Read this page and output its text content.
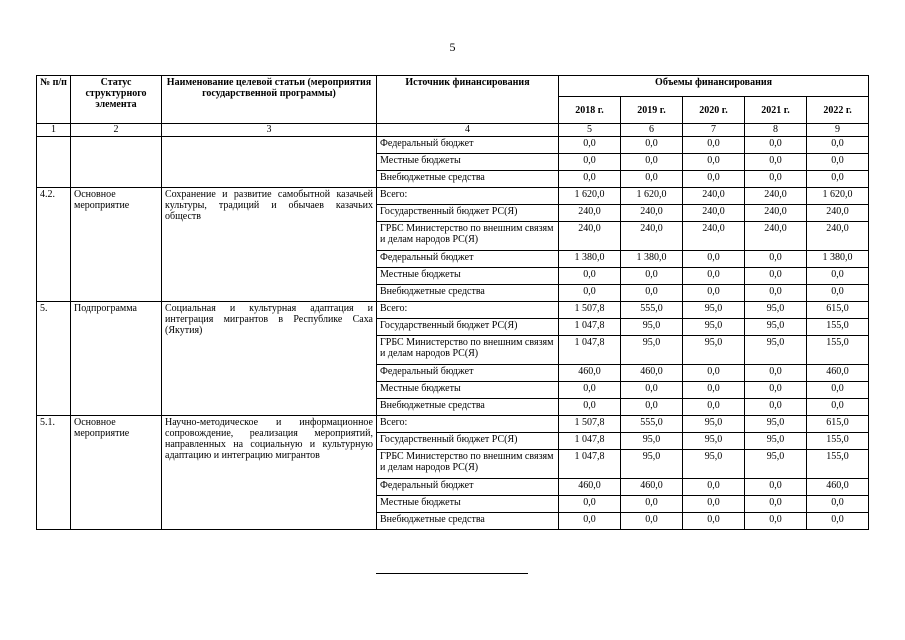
5
№ п/п	Статус структурного элемента	Наименование целевой статьи (мероприятия государственной программы)	Источник финансирования	Объемы финансирования				
				2018 г.	2019 г.	2020 г.	2021 г.	2022 г.
1	2	3	4	5	6	7	8	9
			Федеральный бюджет	0,0	0,0	0,0	0,0	0,0
			Местные бюджеты	0,0	0,0	0,0	0,0	0,0
			Внебюджетные средства	0,0	0,0	0,0	0,0	0,0
4.2.	Основное мероприятие	Сохранение и развитие самобытной казачьей культуры, традиций и обычаев казачьих обществ	Всего:	1 620,0	1 620,0	240,0	240,0	1 620,0
			Государственный бюджет РС(Я)	240,0	240,0	240,0	240,0	240,0
			ГРБС Министерство по внешним связям и делам народов РС(Я)	240,0	240,0	240,0	240,0	240,0
			Федеральный бюджет	1 380,0	1 380,0	0,0	0,0	1 380,0
			Местные бюджеты	0,0	0,0	0,0	0,0	0,0
			Внебюджетные средства	0,0	0,0	0,0	0,0	0,0
5.	Подпрограмма	Социальная и культурная адаптация и интеграция мигрантов в Республике Саха (Якутия)	Всего:	1 507,8	555,0	95,0	95,0	615,0
			Государственный бюджет РС(Я)	1 047,8	95,0	95,0	95,0	155,0
			ГРБС Министерство по внешним связям и делам народов РС(Я)	1 047,8	95,0	95,0	95,0	155,0
			Федеральный бюджет	460,0	460,0	0,0	0,0	460,0
			Местные бюджеты	0,0	0,0	0,0	0,0	0,0
			Внебюджетные средства	0,0	0,0	0,0	0,0	0,0
5.1.	Основное мероприятие	Научно-методическое и информационное сопровождение, реализация мероприятий, направленных на социальную и культурную адаптацию и интеграцию мигрантов	Всего:	1 507,8	555,0	95,0	95,0	615,0
			Государственный бюджет РС(Я)	1 047,8	95,0	95,0	95,0	155,0
			ГРБС Министерство по внешним связям и делам народов РС(Я)	1 047,8	95,0	95,0	95,0	155,0
			Федеральный бюджет	460,0	460,0	0,0	0,0	460,0
			Местные бюджеты	0,0	0,0	0,0	0,0	0,0
			Внебюджетные средства	0,0	0,0	0,0	0,0	0,0
